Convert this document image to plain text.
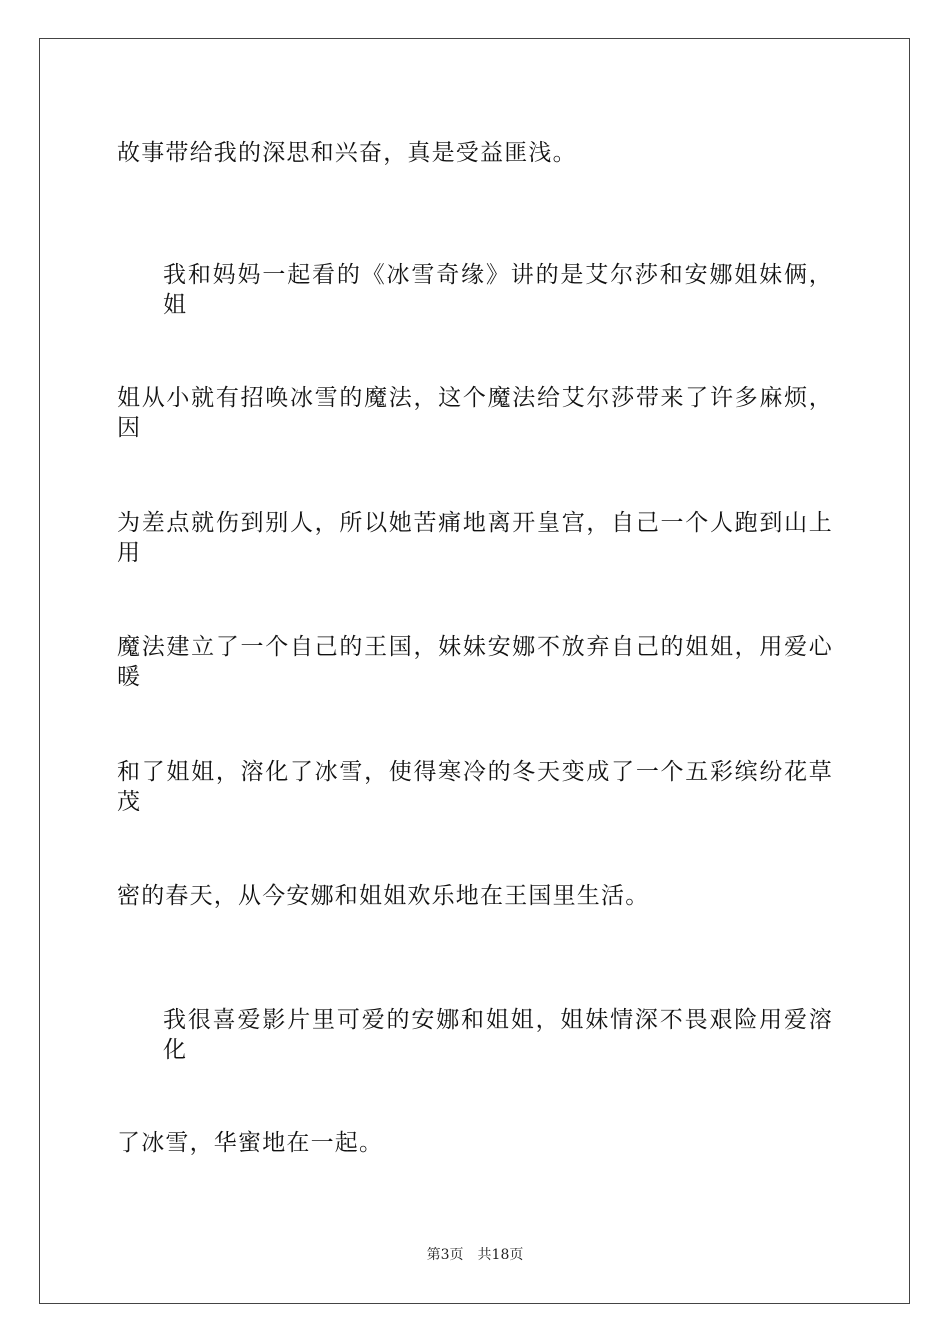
故事带给我的深思和兴奋，真是受益匪浅。
我和妈妈一起看的《冰雪奇缘》讲的是艾尔莎和安娜姐妹俩，姐
姐从小就有招唤冰雪的魔法，这个魔法给艾尔莎带来了许多麻烦，因
为差点就伤到别人，所以她苦痛地离开皇宫，自己一个人跑到山上用
魔法建立了一个自己的王国，妹妹安娜不放弃自己的姐姐，用爱心暖
和了姐姐，溶化了冰雪，使得寒冷的冬天变成了一个五彩缤纷花草茂
密的春天，从今安娜和姐姐欢乐地在王国里生活。
我很喜爱影片里可爱的安娜和姐姐，姐妹情深不畏艰险用爱溶化
了冰雪，华蜜地在一起。
第3页 共18页
